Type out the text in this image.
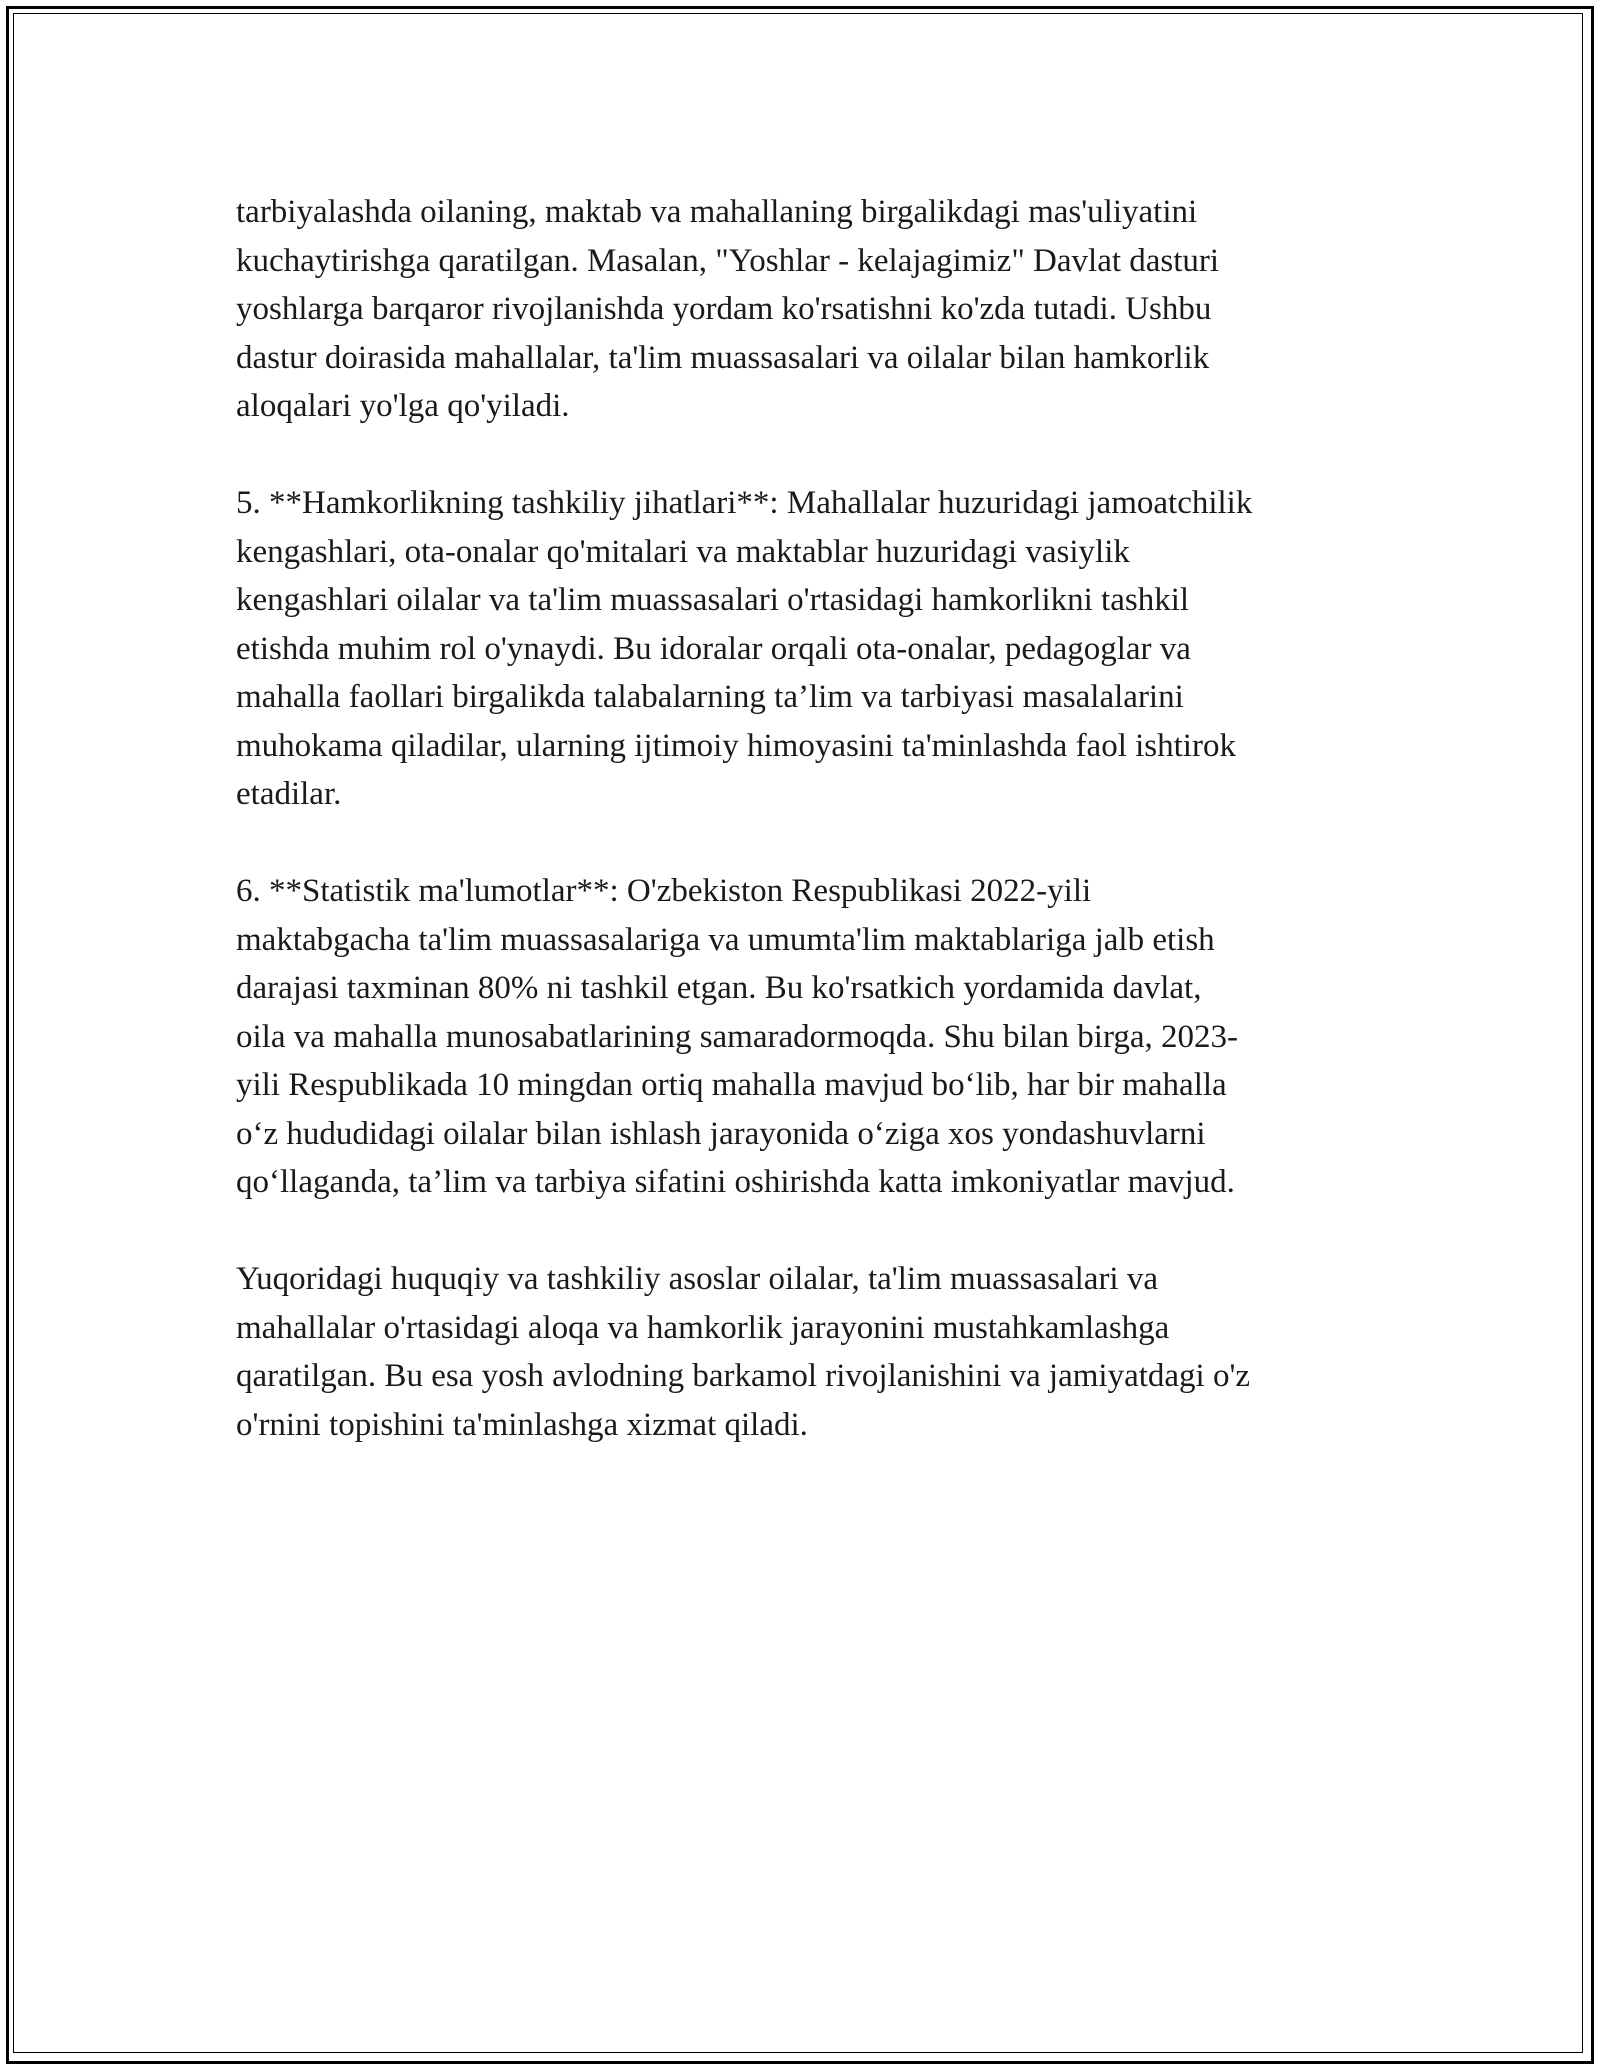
tarbiyalashda oilaning, maktab va mahallaning birgalikdagi mas'uliyatini
kuchaytirishga qaratilgan. Masalan, "Yoshlar - kelajagimiz" Davlat dasturi
yoshlarga barqaror rivojlanishda yordam ko'rsatishni ko'zda tutadi. Ushbu
dastur doirasida mahallalar, ta'lim muassasalari va oilalar bilan hamkorlik
aloqalari yo'lga qo'yiladi.

5. **Hamkorlikning tashkiliy jihatlari**: Mahallalar huzuridagi jamoatchilik
kengashlari, ota-onalar qo'mitalari va maktablar huzuridagi vasiylik
kengashlari oilalar va ta'lim muassasalari o'rtasidagi hamkorlikni tashkil
etishda muhim rol o'ynaydi. Bu idoralar orqali ota-onalar, pedagoglar va
mahalla faollari birgalikda talabalarning ta’lim va tarbiyasi masalalarini
muhokama qiladilar, ularning ijtimoiy himoyasini ta'minlashda faol ishtirok
etadilar.

6. **Statistik ma'lumotlar**: O'zbekiston Respublikasi 2022-yili
maktabgacha ta'lim muassasalariga va umumta'lim maktablariga jalb etish
darajasi taxminan 80% ni tashkil etgan. Bu ko'rsatkich yordamida davlat,
oila va mahalla munosabatlarining samaradormoqda. Shu bilan birga, 2023-
yili Respublikada 10 mingdan ortiq mahalla mavjud bo‘lib, har bir mahalla
o‘z hududidagi oilalar bilan ishlash jarayonida o‘ziga xos yondashuvlarni
qo‘llaganda, ta’lim va tarbiya sifatini oshirishda katta imkoniyatlar mavjud.

Yuqoridagi huquqiy va tashkiliy asoslar oilalar, ta'lim muassasalari va
mahallalar o'rtasidagi aloqa va hamkorlik jarayonini mustahkamlashga
qaratilgan. Bu esa yosh avlodning barkamol rivojlanishini va jamiyatdagi o'z
o'rnini topishini ta'minlashga xizmat qiladi.
